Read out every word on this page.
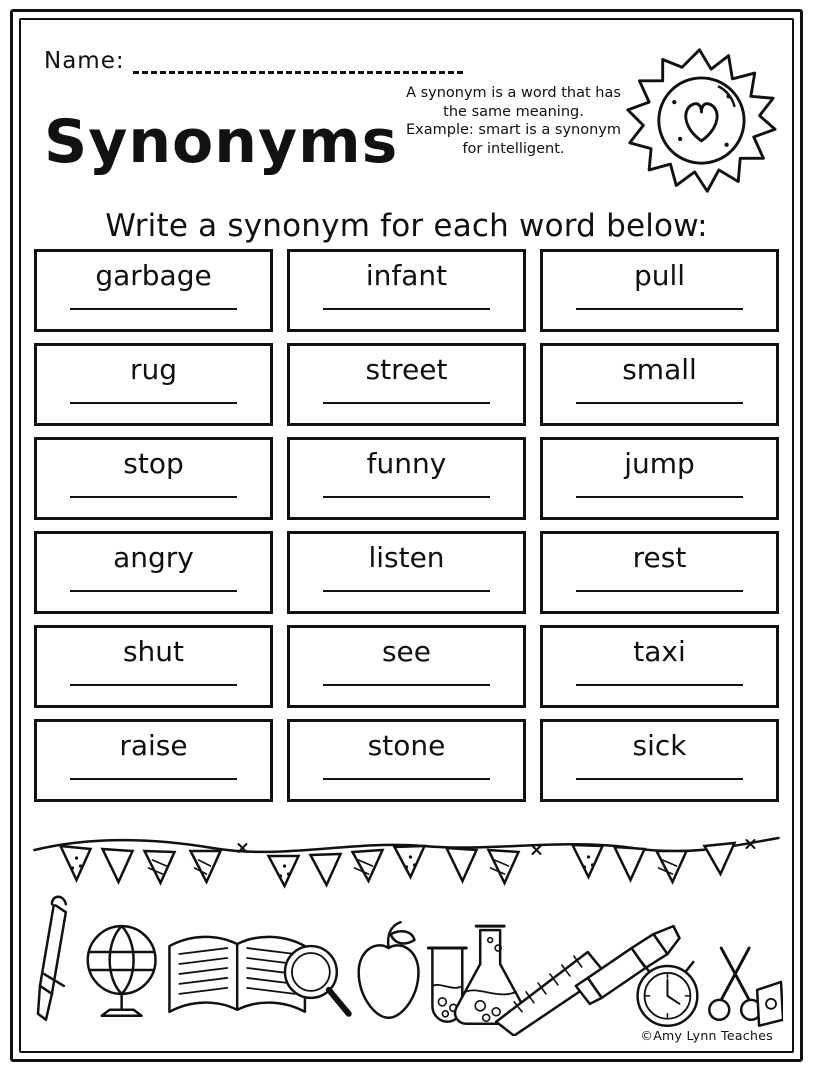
Name:
Synonyms
A synonym is a word that has the same meaning.
Example: smart is a synonym for intelligent.
Write a synonym for each word below:
garbage	infant	pull
rug	street	small
stop	funny	jump
angry	listen	rest
shut	see	taxi
raise	stone	sick
©Amy Lynn Teaches
